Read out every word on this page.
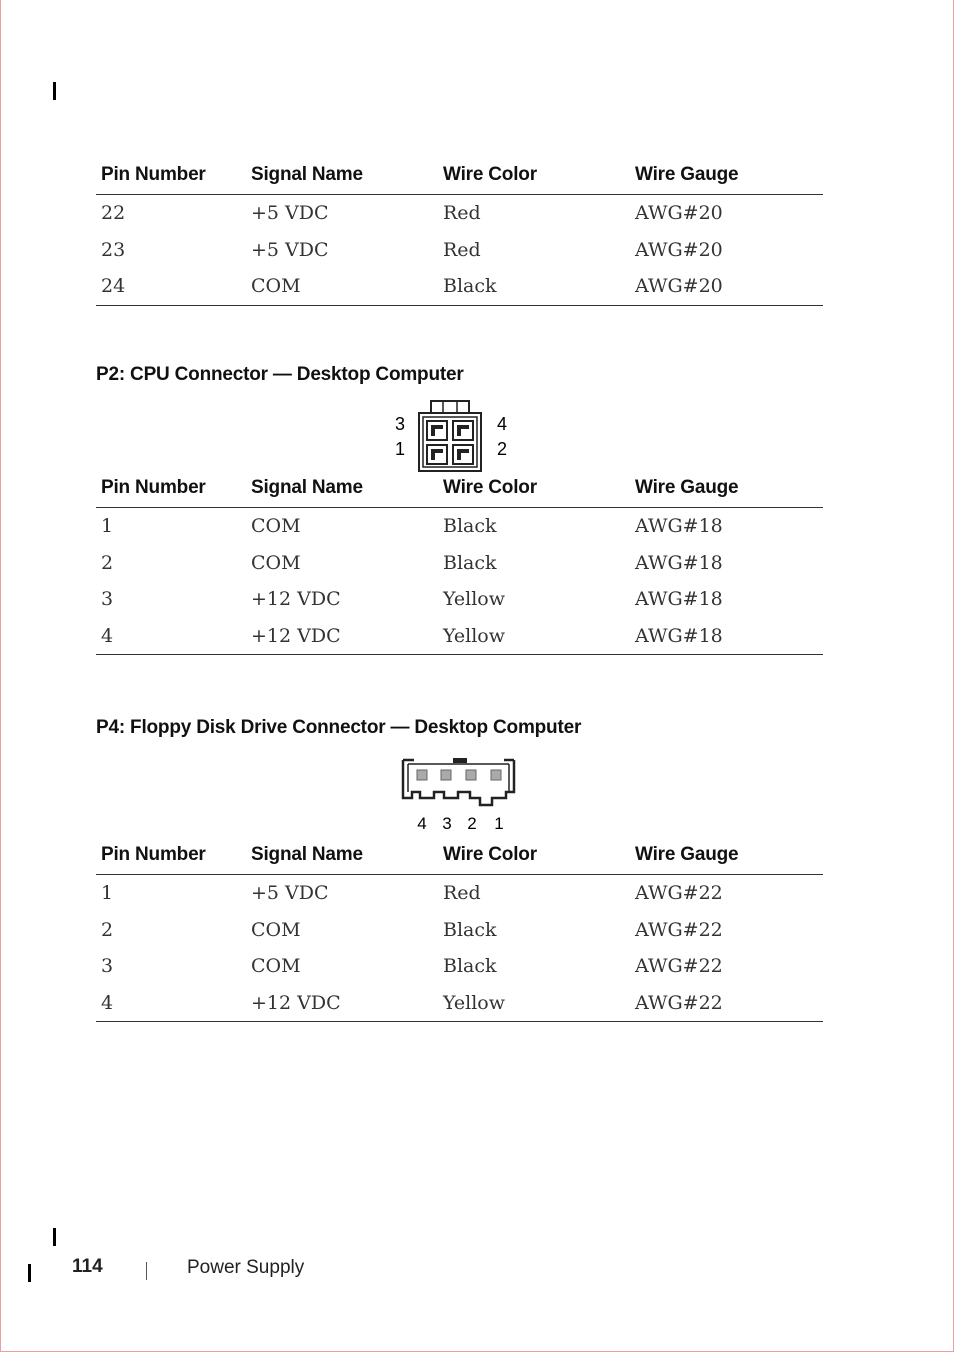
Pin Number	Signal Name	Wire Color	Wire Gauge
22	+5 VDC	Red	AWG#20
23	+5 VDC	Red	AWG#20
24	COM	Black	AWG#20
P2: CPU Connector — Desktop Computer
3
1
4
2
Pin Number	Signal Name	Wire Color	Wire Gauge
1	COM	Black	AWG#18
2	COM	Black	AWG#18
3	+12 VDC	Yellow	AWG#18
4	+12 VDC	Yellow	AWG#18
P4: Floppy Disk Drive Connector — Desktop Computer
4 3 2 1
Pin Number	Signal Name	Wire Color	Wire Gauge
1	+5 VDC	Red	AWG#22
2	COM	Black	AWG#22
3	COM	Black	AWG#22
4	+12 VDC	Yellow	AWG#22
114	Power Supply
